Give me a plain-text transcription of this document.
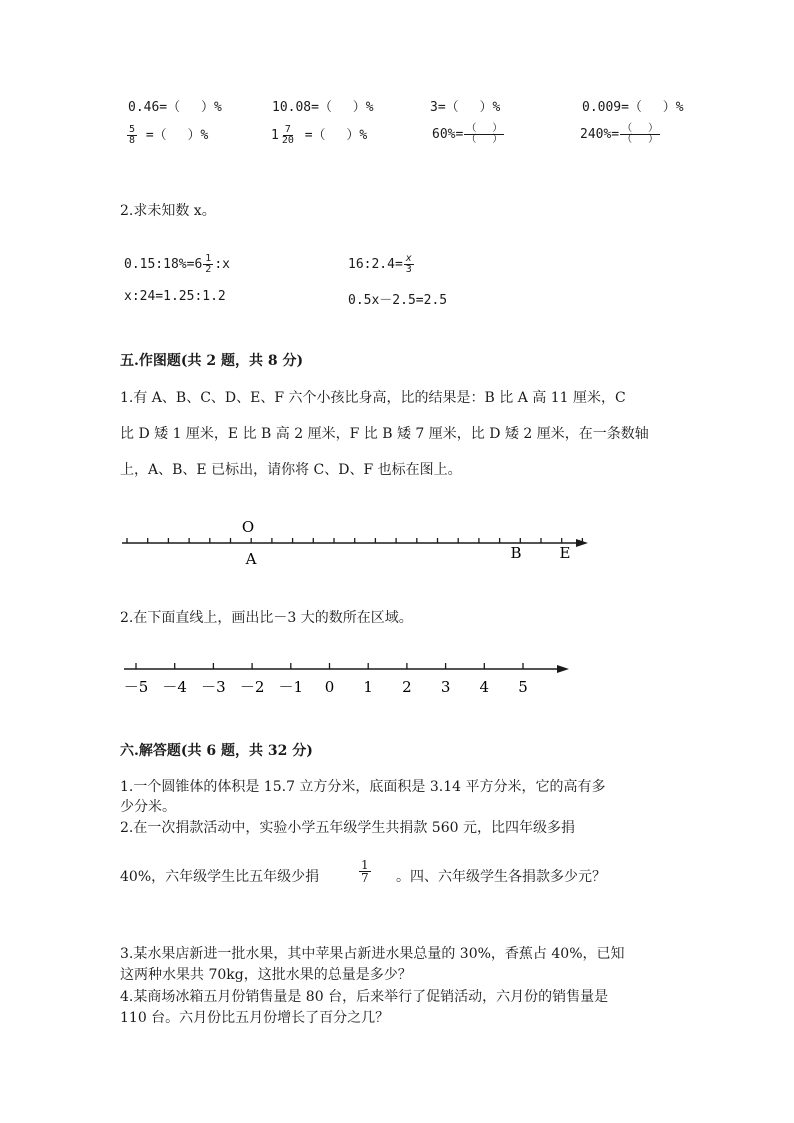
0.46=（　 ）%	10.08=（　 ）%	3=（　 ）%	0.009=（　 ）%
$\frac{5}{8}$ =（　 ）%	$1 \frac{7}{20}$ =（　 ）%	$60\%= \frac{( )}{( )}$	$240\%= \frac{( )}{( )}$
2.求未知数 x。
0.15:18%=6 $\frac{1}{2}$ :x	16:2.4= $\frac{x}{3}$
x:24=1.25:1.2	0.5x－2.5=2.5
五.作图题(共 2 题，共 8 分)
1.有 A、B、C、D、E、F 六个小孩比身高，比的结果是：B 比 A 高 11 厘米，C
比 D 矮 1 厘米，E 比 B 高 2 厘米，F 比 B 矮 7 厘米，比 D 矮 2 厘米，在一条数轴
上，A、B、E 已标出，请你将 C、D、F 也标在图上。
O
A	B	E
2.在下面直线上，画出比－3 大的数所在区域。
－5 －4 －3 －2 －1 0 1 2 3 4 5
六.解答题(共 6 题，共 32 分)
1.一个圆锥体的体积是 15.7 立方分米，底面积是 3.14 平方分米，它的高有多
少分米。
2.在一次捐款活动中，实验小学五年级学生共捐款 560 元，比四年级多捐
40%，六年级学生比五年级少捐	$\frac{1}{7}$ 。四、六年级学生各捐款多少元？
3.某水果店新进一批水果，其中苹果占新进水果总量的 30%，香蕉占 40%，已知
这两种水果共 70kg，这批水果的总量是多少？
4.某商场冰箱五月份销售量是 80 台，后来举行了促销活动，六月份的销售量是
110 台。六月份比五月份增长了百分之几？
